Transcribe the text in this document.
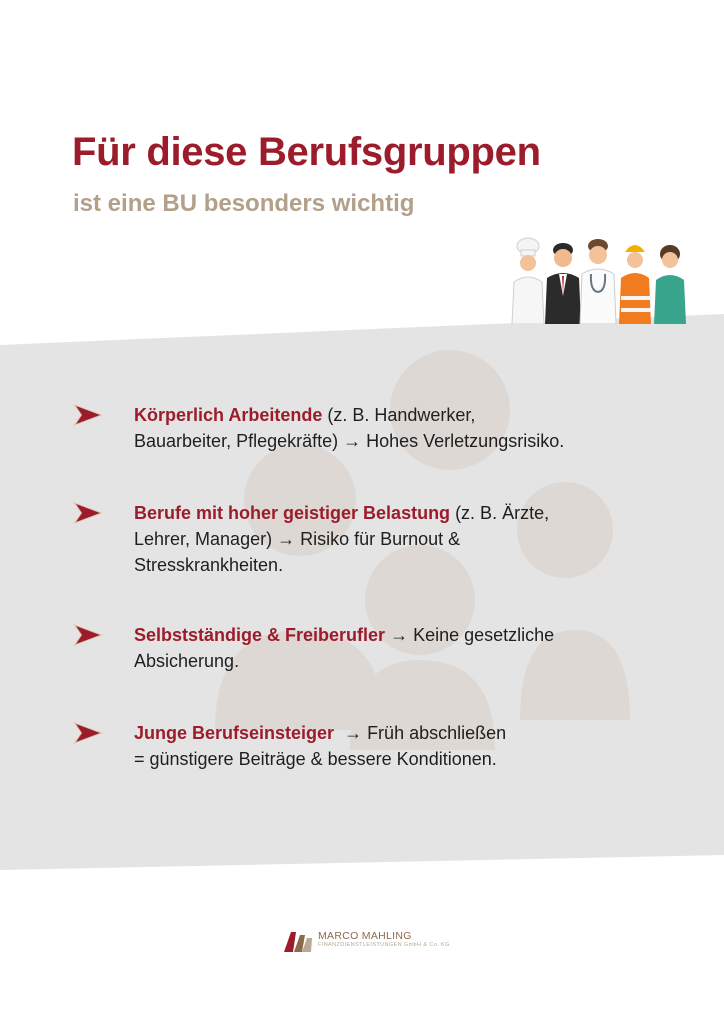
Für diese Berufsgruppen
ist eine BU besonders wichtig
Körperlich Arbeitende (z. B. Handwerker,
Bauarbeiter, Pflegekräfte) → Hohes Verletzungsrisiko.
Berufe mit hoher geistiger Belastung (z. B. Ärzte,
Lehrer, Manager) → Risiko für Burnout &
Stresskrankheiten.
Selbstständige & Freiberufler → Keine gesetzliche
Absicherung.
Junge Berufseinsteiger  → Früh abschließen
= günstigere Beiträge & bessere Konditionen.
MARCO MAHLING
FINANZDIENSTLEISTUNGEN GmbH & Co. KG
